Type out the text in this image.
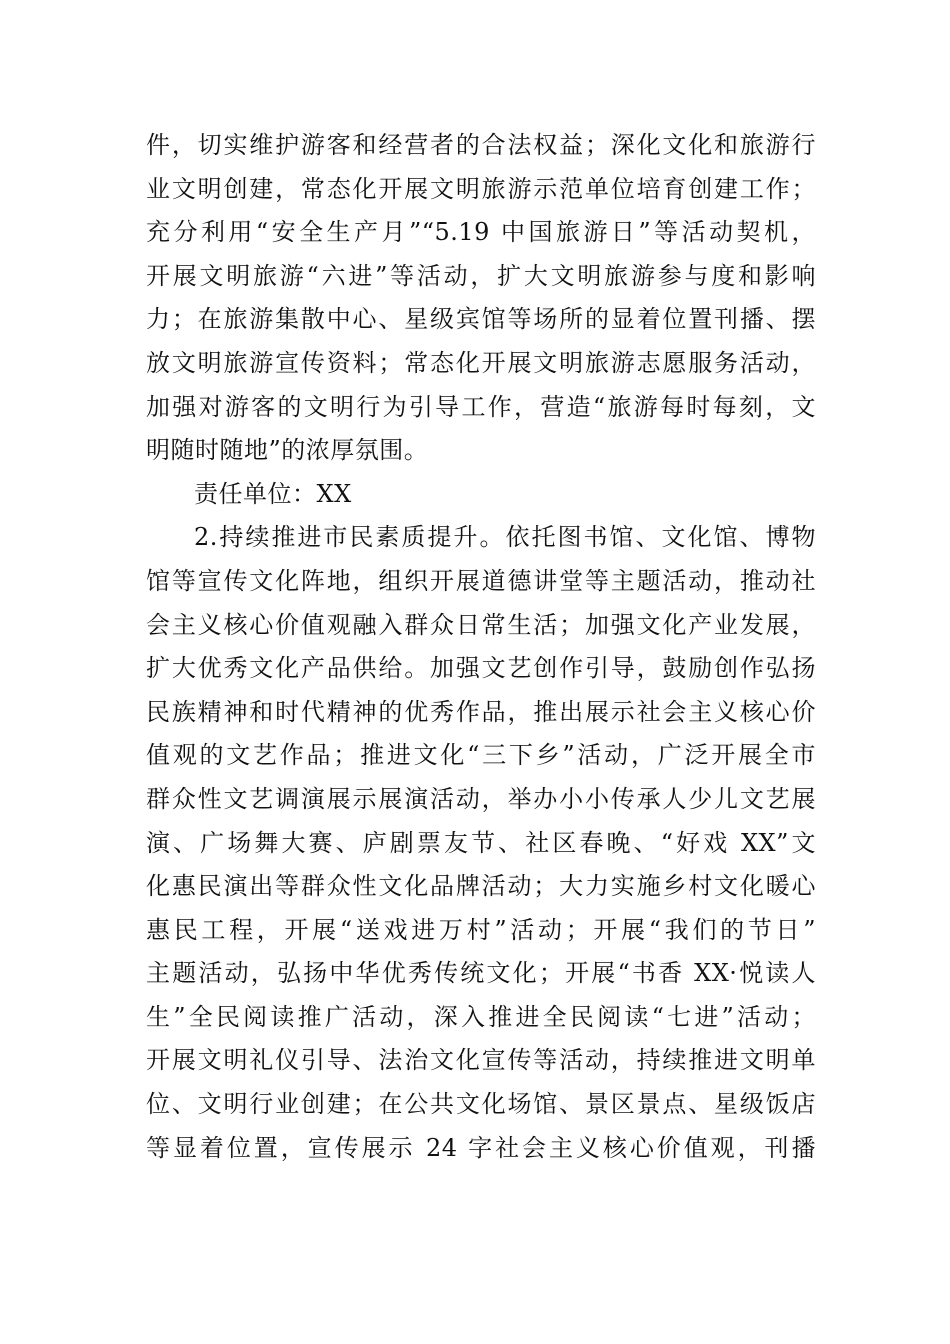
件，切实维护游客和经营者的合法权益；深化文化和旅游行
业文明创建，常态化开展文明旅游示范单位培育创建工作；
充分利用“安全生产月”“5.19 中国旅游日”等活动契机，
开展文明旅游“六进”等活动，扩大文明旅游参与度和影响
力；在旅游集散中心、星级宾馆等场所的显着位置刊播、摆
放文明旅游宣传资料；常态化开展文明旅游志愿服务活动，
加强对游客的文明行为引导工作，营造“旅游每时每刻，文
明随时随地”的浓厚氛围。
责任单位：XX
2.持续推进市民素质提升。依托图书馆、文化馆、博物
馆等宣传文化阵地，组织开展道德讲堂等主题活动，推动社
会主义核心价值观融入群众日常生活；加强文化产业发展，
扩大优秀文化产品供给。加强文艺创作引导，鼓励创作弘扬
民族精神和时代精神的优秀作品，推出展示社会主义核心价
值观的文艺作品；推进文化“三下乡”活动，广泛开展全市
群众性文艺调演展示展演活动，举办小小传承人少儿文艺展
演、广场舞大赛、庐剧票友节、社区春晚、“好戏 XX”文
化惠民演出等群众性文化品牌活动；大力实施乡村文化暖心
惠民工程，开展“送戏进万村”活动；开展“我们的节日”
主题活动，弘扬中华优秀传统文化；开展“书香 XX·悦读人
生”全民阅读推广活动，深入推进全民阅读“七进”活动；
开展文明礼仪引导、法治文化宣传等活动，持续推进文明单
位、文明行业创建；在公共文化场馆、景区景点、星级饭店
等显着位置，宣传展示 24 字社会主义核心价值观，刊播
